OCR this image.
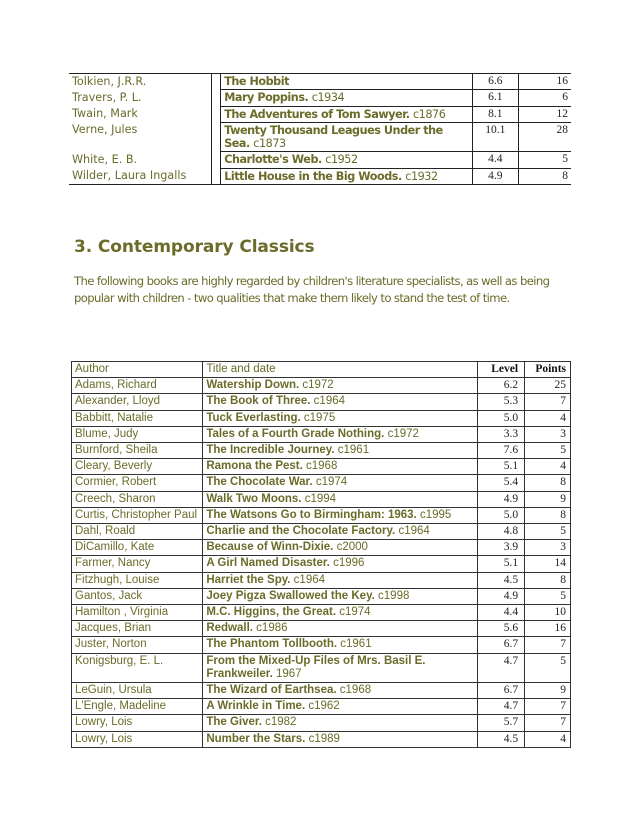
Tolkien, J.R.R.		The Hobbit	6.6	16
Travers, P. L.		Mary Poppins. c1934	6.1	6
Twain, Mark		The Adventures of Tom Sawyer. c1876	8.1	12
Verne, Jules		Twenty Thousand Leagues Under the Sea. c1873	10.1	28
White, E. B.		Charlotte's Web. c1952	4.4	5
Wilder, Laura Ingalls		Little House in the Big Woods. c1932	4.9	8
3. Contemporary Classics

The following books are highly regarded by children's literature specialists, as well as being popular with children - two qualities that make them likely to stand the test of time.

Author	Title and date	Level	Points
Adams, Richard	Watership Down. c1972	6.2	25
Alexander, Lloyd	The Book of Three. c1964	5.3	7
Babbitt, Natalie	Tuck Everlasting. c1975	5.0	4
Blume, Judy	Tales of a Fourth Grade Nothing. c1972	3.3	3
Burnford, Sheila	The Incredible Journey. c1961	7.6	5
Cleary, Beverly	Ramona the Pest. c1968	5.1	4
Cormier, Robert	The Chocolate War. c1974	5.4	8
Creech, Sharon	Walk Two Moons. c1994	4.9	9
Curtis, Christopher Paul	The Watsons Go to Birmingham: 1963. c1995	5.0	8
Dahl, Roald	Charlie and the Chocolate Factory. c1964	4.8	5
DiCamillo, Kate	Because of Winn-Dixie. c2000	3.9	3
Farmer, Nancy	A Girl Named Disaster. c1996	5.1	14
Fitzhugh, Louise	Harriet the Spy. c1964	4.5	8
Gantos, Jack	Joey Pigza Swallowed the Key. c1998	4.9	5
Hamilton , Virginia	M.C. Higgins, the Great. c1974	4.4	10
Jacques, Brian	Redwall. c1986	5.6	16
Juster, Norton	The Phantom Tollbooth. c1961	6.7	7
Konigsburg, E. L.	From the Mixed-Up Files of Mrs. Basil E. Frankweiler. 1967	4.7	5
LeGuin, Ursula	The Wizard of Earthsea. c1968	6.7	9
L'Engle, Madeline	A Wrinkle in Time. c1962	4.7	7
Lowry, Lois	The Giver. c1982	5.7	7
Lowry, Lois	Number the Stars. c1989	4.5	4
